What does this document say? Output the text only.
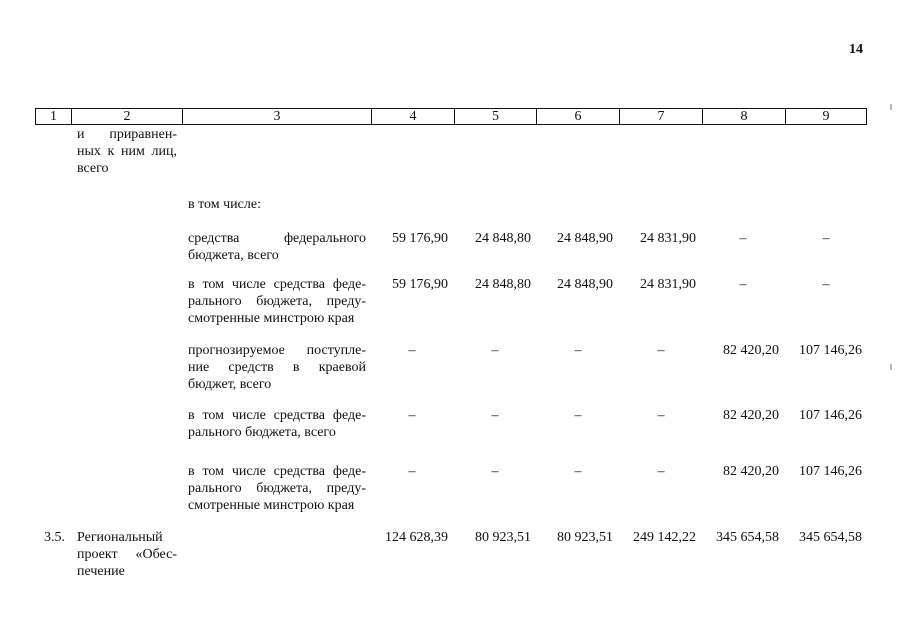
14
1	2	3	4	5	6	7	8	9
и приравнен-
ных к ним лиц,
всего
в том числе:
средства федерального
бюджета, всего
59 176,90	24 848,80	24 848,90	24 831,90	–	–
в том числе средства феде-
рального бюджета, преду-
смотренные минстрою края
59 176,90	24 848,80	24 848,90	24 831,90	–	–
прогнозируемое поступле-
ние средств в краевой
бюджет, всего
–	–	–	–	82 420,20	107 146,26
в том числе средства феде-
рального бюджета, всего
–	–	–	–	82 420,20	107 146,26
в том числе средства феде-
рального бюджета, преду-
смотренные минстрою края
–	–	–	–	82 420,20	107 146,26
3.5. Региональный
проект «Обес-
печение
124 628,39	80 923,51	80 923,51	249 142,22	345 654,58	345 654,58
